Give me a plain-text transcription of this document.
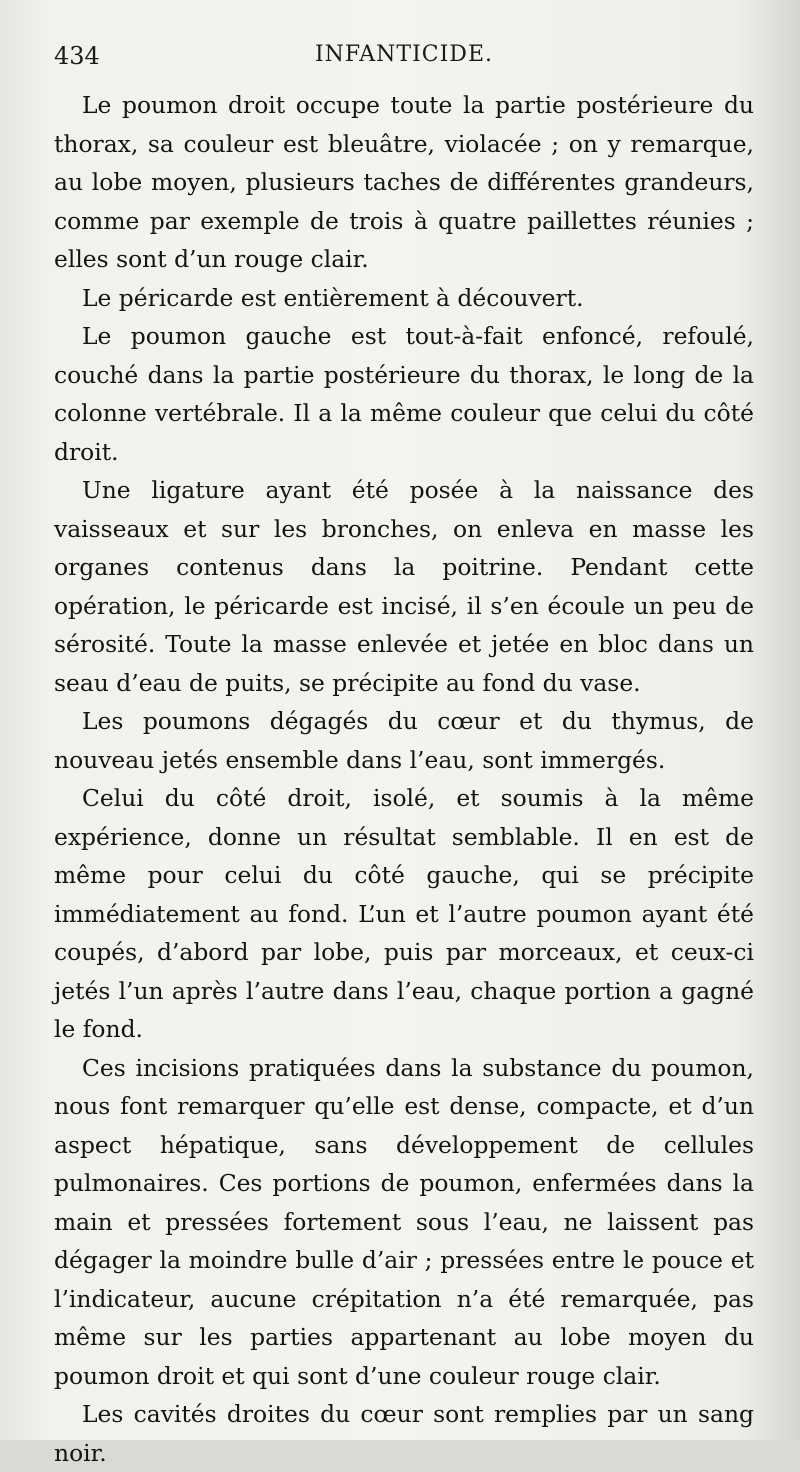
434	INFANTICIDE.

Le poumon droit occupe toute la partie postérieure du thorax, sa couleur est bleuâtre, violacée ; on y remarque, au lobe moyen, plusieurs taches de différentes grandeurs, comme par exemple de trois à quatre paillettes réunies ; elles sont d’un rouge clair.

Le péricarde est entièrement à découvert.

Le poumon gauche est tout-à-fait enfoncé, refoulé, couché dans la partie postérieure du thorax, le long de la colonne vertébrale. Il a la même couleur que celui du côté droit.

Une ligature ayant été posée à la naissance des vaisseaux et sur les bronches, on enleva en masse les organes contenus dans la poitrine. Pendant cette opération, le péricarde est incisé, il s’en écoule un peu de sérosité. Toute la masse enlevée et jetée en bloc dans un seau d’eau de puits, se précipite au fond du vase.

Les poumons dégagés du cœur et du thymus, de nouveau jetés ensemble dans l’eau, sont immergés.

Celui du côté droit, isolé, et soumis à la même expérience, donne un résultat semblable. Il en est de même pour celui du côté gauche, qui se précipite immédiatement au fond. L’un et l’autre poumon ayant été coupés, d’abord par lobe, puis par morceaux, et ceux-ci jetés l’un après l’autre dans l’eau, chaque portion a gagné le fond.

Ces incisions pratiquées dans la substance du poumon, nous font remarquer qu’elle est dense, compacte, et d’un aspect hépatique, sans développement de cellules pulmonaires. Ces portions de poumon, enfermées dans la main et pressées fortement sous l’eau, ne laissent pas dégager la moindre bulle d’air ; pressées entre le pouce et l’indicateur, aucune crépitation n’a été remarquée, pas même sur les parties appartenant au lobe moyen du poumon droit et qui sont d’une couleur rouge clair.

Les cavités droites du cœur sont remplies par un sang noir.
